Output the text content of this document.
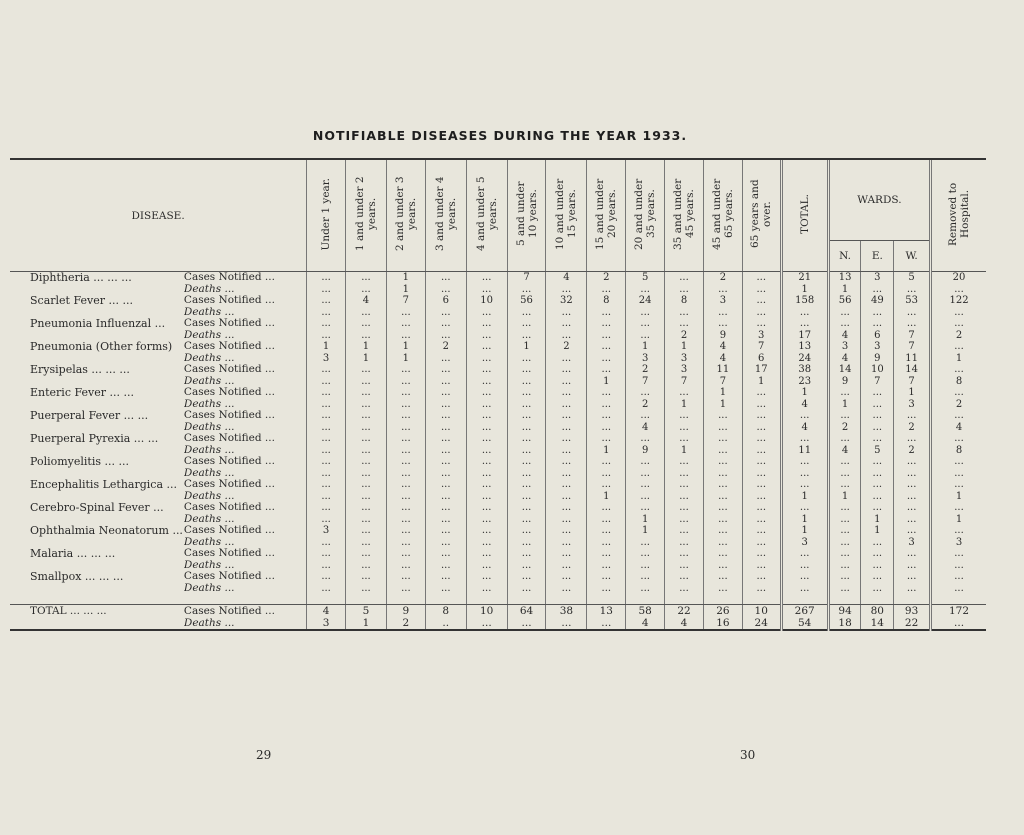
NOTIFIABLE DISEASES DURING THE YEAR 1933.
DISEASE.		Under 1 year.	1 and under 2 years.	2 and under 3 years.	3 and under 4 years.	4 and under 5 years.	5 and under 10 years.	10 and under 15 years.	15 and under 20 years.	20 and under 35 years.	35 and under 45 years.	45 and under 65 years.	65 years and over.	TOTAL.	WARDS.			Removed to Hospital.
															N.	E.	W.	
Diphtheria ... ... ...	Cases Notified ...	...	...	1	...	...	7	4	2	5	...	2	...	21	13	3	5	20
	Deaths ...	...	...	1	...	...	...	...	...	...	...	...	...	1	1	...	...	...
Scarlet Fever ... ...	Cases Notified ...	...	4	7	6	10	56	32	8	24	8	3	...	158	56	49	53	122
	Deaths ...	...	...	...	...	...	...	...	...	...	...	...	...	...	...	...	...	...
Pneumonia Influenzal ...	Cases Notified ...	...	...	...	...	...	...	...	...	...	...	...	...	...	...	...	...	...
	Deaths ...	...	...	...	...	...	...	...	...	...	2	9	3	17	4	6	7	2
Pneumonia (Other forms)	Cases Notified ...	1	1	1	2	...	1	2	...	1	1	4	7	13	3	3	7	...
	Deaths ...	3	1	1	...	...	...	...	...	3	3	4	6	24	4	9	11	1
Erysipelas ... ... ...	Cases Notified ...	...	...	...	...	...	...	...	...	2	3	11	17	38	14	10	14	...
	Deaths ...	...	...	...	...	...	...	...	1	7	7	7	1	23	9	7	7	8
Enteric Fever ... ...	Cases Notified ...	...	...	...	...	...	...	...	...	...	...	1	...	1	...	...	1	...
	Deaths ...	...	...	...	...	...	...	...	...	2	1	1	...	4	1	...	3	2
Puerperal Fever ... ...	Cases Notified ...	...	...	...	...	...	...	...	...	...	...	...	...	...	...	...	...	...
	Deaths ...	...	...	...	...	...	...	...	...	4	...	...	...	4	2	...	2	4
Puerperal Pyrexia ... ...	Cases Notified ...	...	...	...	...	...	...	...	...	...	...	...	...	...	...	...	...	...
	Deaths ...	...	...	...	...	...	...	...	1	9	1	...	...	11	4	5	2	8
Poliomyelitis ... ...	Cases Notified ...	...	...	...	...	...	...	...	...	...	...	...	...	...	...	...	...	...
	Deaths ...	...	...	...	...	...	...	...	...	...	...	...	...	...	...	...	...	...
Encephalitis Lethargica ...	Cases Notified ...	...	...	...	...	...	...	...	...	...	...	...	...	...	...	...	...	...
	Deaths ...	...	...	...	...	...	...	...	1	...	...	...	...	1	1	...	...	1
Cerebro-Spinal Fever ...	Cases Notified ...	...	...	...	...	...	...	...	...	...	...	...	...	...	...	...	...	...
	Deaths ...	...	...	...	...	...	...	...	...	1	...	...	...	1	...	1	...	1
Ophthalmia Neonatorum ...	Cases Notified ...	3	...	...	...	...	...	...	...	1	...	...	...	1	...	1	...	...
	Deaths ...	...	...	...	...	...	...	...	...	...	...	...	...	3	...	...	3	3
Malaria ... ... ...	Cases Notified ...	...	...	...	...	...	...	...	...	...	...	...	...	...	...	...	...	...
	Deaths ...	...	...	...	...	...	...	...	...	...	...	...	...	...	...	...	...	...
Smallpox ... ... ...	Cases Notified ...	...	...	...	...	...	...	...	...	...	...	...	...	...	...	...	...	...
	Deaths ...	...	...	...	...	...	...	...	...	...	...	...	...	...	...	...	...	...

TOTAL ... ... ...	Cases Notified ...	4	5	9	8	10	64	38	13	58	22	26	10	267	94	80	93	172
	Deaths ...	3	1	2	..	...	...	...	...	4	4	16	24	54	18	14	22	...
29	30
